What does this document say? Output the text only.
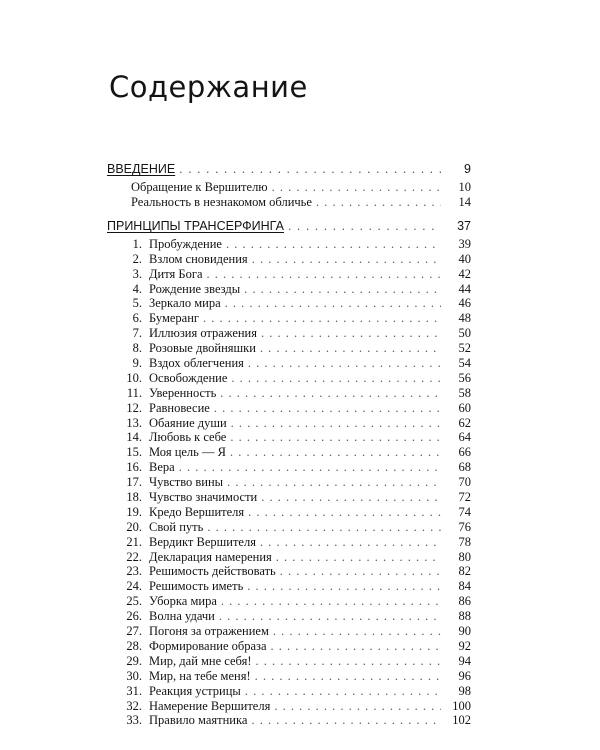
Содержание
ВВЕДЕНИЕ . . .	9
Обращение к Вершителю . . .	10
Реальность в незнакомом обличье . . .	14
ПРИНЦИПЫ ТРАНСЕРФИНГА . . .	37
1. Пробуждение . . .	39
2. Взлом сновидения . . .	40
3. Дитя Бога . . .	42
4. Рождение звезды . . .	44
5. Зеркало мира . . .	46
6. Бумеранг . . .	48
7. Иллюзия отражения . . .	50
8. Розовые двойняшки . . .	52
9. Вздох облегчения . . .	54
10. Освобождение . . .	56
11. Уверенность . . .	58
12. Равновесие . . .	60
13. Обаяние души . . .	62
14. Любовь к себе . . .	64
15. Моя цель — Я . . .	66
16. Вера . . .	68
17. Чувство вины . . .	70
18. Чувство значимости . . .	72
19. Кредо Вершителя . . .	74
20. Свой путь . . .	76
21. Вердикт Вершителя . . .	78
22. Декларация намерения . . .	80
23. Решимость действовать . . .	82
24. Решимость иметь . . .	84
25. Уборка мира . . .	86
26. Волна удачи . . .	88
27. Погоня за отражением . . .	90
28. Формирование образа . . .	92
29. Мир, дай мне себя! . . .	94
30. Мир, на тебе меня! . . .	96
31. Реакция устрицы . . .	98
32. Намерение Вершителя . . .	100
33. Правило маятника . . .	102
